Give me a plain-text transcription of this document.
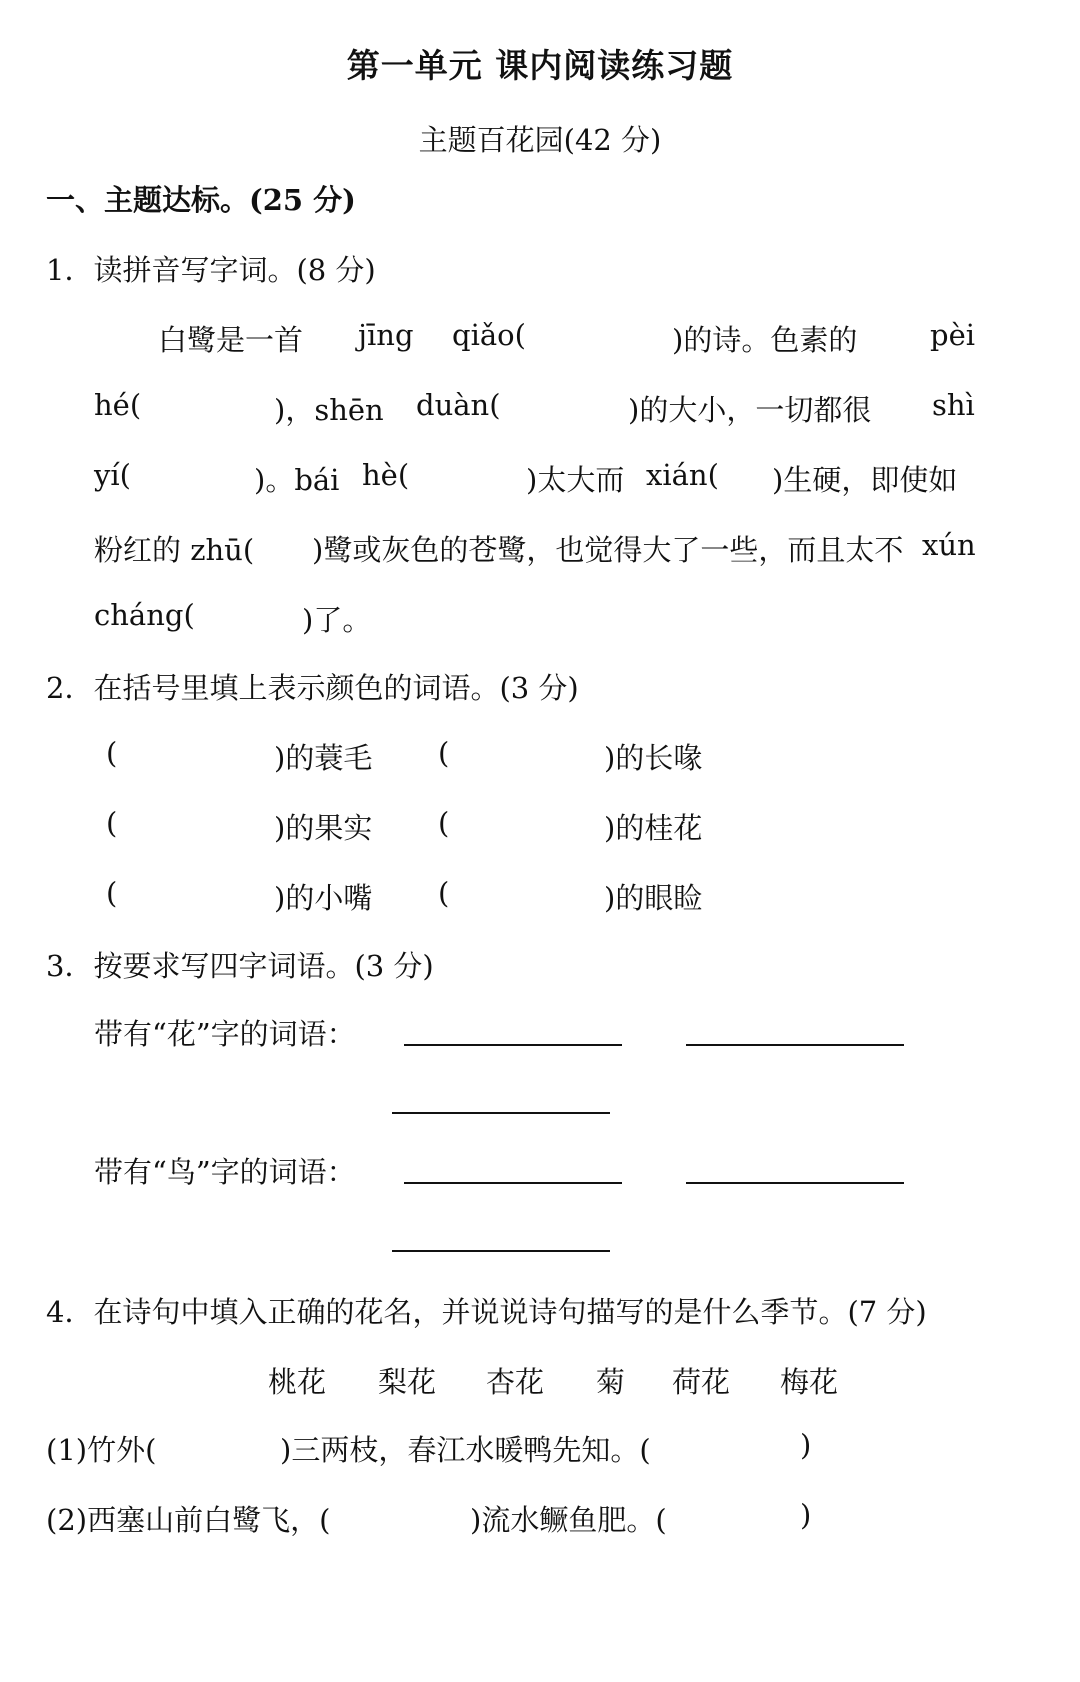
第一单元 课内阅读练习题
主题百花园(42 分)
一、主题达标。(25 分)
1．读拼音写字词。(8 分)
白鹭是一首 jīng qiǎo(	)的诗。色素的	pèi
hé(	)，shēn duàn(	)的大小，一切都很 shì
yí(	)。bái hè(	)太大而 xián( )生硬，即使如
粉红的 zhū( )鹭或灰色的苍鹭，也觉得大了一些，而且太不 xún
cháng(	)了。
2．在括号里填上表示颜色的词语。(3 分)
(	)的蓑毛 (	)的长喙
(	)的果实 (	)的桂花
(	)的小嘴 (	)的眼睑
3．按要求写四字词语。(3 分)
带有“花”字的词语：
带有“鸟”字的词语：
4．在诗句中填入正确的花名，并说说诗句描写的是什么季节。(7 分)
桃花 梨花 杏花 菊 荷花 梅花
(1)竹外(	)三两枝，春江水暖鸭先知。(	)
(2)西塞山前白鹭飞，(	)流水鳜鱼肥。(	)
